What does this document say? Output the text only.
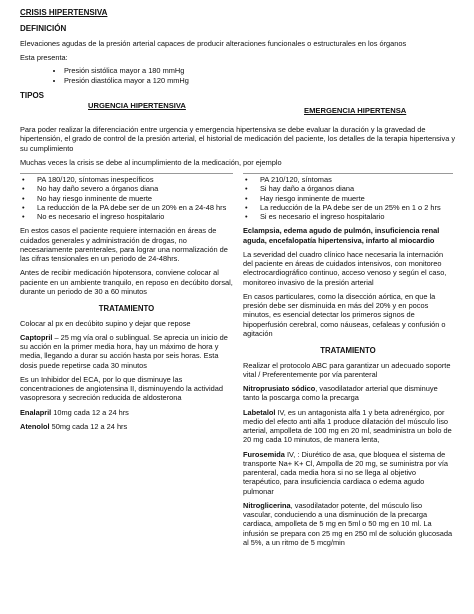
CRISIS HIPERTENSIVA
DEFINICIÓN

Elevaciones agudas de la presión arterial capaces de producir alteraciones funcionales o estructurales en los órganos

Esta presenta:

• Presión sistólica mayor a 180 mmHg
• Presión diastólica mayor a 120 mmHg
TIPOS
URGENCIA HIPERTENSIVA
EMERGENCIA HIPERTENSA

Para poder realizar la diferenciación entre urgencia y emergencia hipertensiva se debe evaluar la duración y la gravedad de hipertensión, el grado de control de la presión arterial, el historial de medicación del paciente, los detalles de la terapia hipertensiva y su cumplimiento

Muchas veces la crisis se debe al incumplimiento de la medicación, por ejemplo

• PA 180/120, síntomas inespecíficos
• No hay daño severo a órganos diana
• No hay riesgo inminente de muerte
• La reducción de la PA debe ser de un 20% en a 24-48 hrs
• No es necesario el ingreso hospitalario

En estos casos el paciente requiere internación en áreas de cuidados generales y administración de drogas, no necesariamente parenterales, para lograr una normalización de las cifras tensionales en un periodo de 24-48hrs.

Antes de recibir medicación hipotensora, conviene colocar al paciente en un ambiente tranquilo, en reposo en decúbito dorsal, durante un periodo de 30 a 60 minutos

TRATAMIENTO

Colocar al px en decúbito supino y dejar que repose

Captopril – 25 mg vía oral o sublingual. Se aprecia un inicio de su acción en la primer media hora, hay un máximo de hora y media, llegando a durar su acción hasta por seis horas. Esta dosis puede repetirse cada 30 minutos

Es un Inhibidor del ECA, por lo que disminuye las concentraciones de angiotensina II, disminuyendo la actividad vasopresora y secreción reducida de aldosterona

Enalapril 10mg cada 12 a 24 hrs

Atenolol 50mg cada 12 a 24 hrs

• PA 210/120, síntomas
• Si hay daño a órganos diana
• Hay riesgo inminente de muerte
• La reducción de la PA debe ser de un 25% en 1 o 2 hrs
• Si es necesario el ingreso hospitalario

Eclampsia, edema agudo de pulmón, insuficiencia renal aguda, encefalopatía hipertensiva, infarto al miocardio

La severidad del cuadro clínico hace necesaria la internación del paciente en áreas de cuidados intensivos, con monitoreo electrocardiográfico continuo, acceso venoso y según el caso, monitoreo invasivo de la presión arterial

En casos particulares, como la disección aórtica, en que la presión debe ser disminuida en más del 20% y en pocos minutos, es esencial detectar los primeros signos de hipoperfusión cerebral, como náuseas, cefaleas y confusión o agitación

TRATAMIENTO

Realizar el protocolo ABC para garantizar un adecuado soporte vital / Preferentemente por vía parenteral

Nitroprusiato sódico, vasodilatador arterial que disminuye tanto la poscarga como la precarga

Labetalol IV, es un antagonista alfa 1 y beta adrenérgico, por medio del efecto anti alfa 1 produce dilatación del músculo liso arterial, ampolleta de 100 mg en 20 ml, seadministra un bolo de 20 mg cada 10 minutos, de manera lenta,

Furosemida IV, : Diurético de asa, que bloquea el sistema de transporte Na+ K+ Cl, Ampolla de 20 mg, se suministra por vía parenteral, cada media hora si no se llega al objetivo terapéutico, para insuficiencia cardiaca o edema agudo pulmonar

Nitroglicerina, vasodilatador potente, del músculo liso vascular, conduciendo a una disminución de la precarga cardiaca, ampolleta de 5 mg en 5ml o 50 mg en 10 ml. La infusión se prepara con 25 mg en 250 ml de solución glucosada al 5%, a un ritmo de 5 mcg/min
